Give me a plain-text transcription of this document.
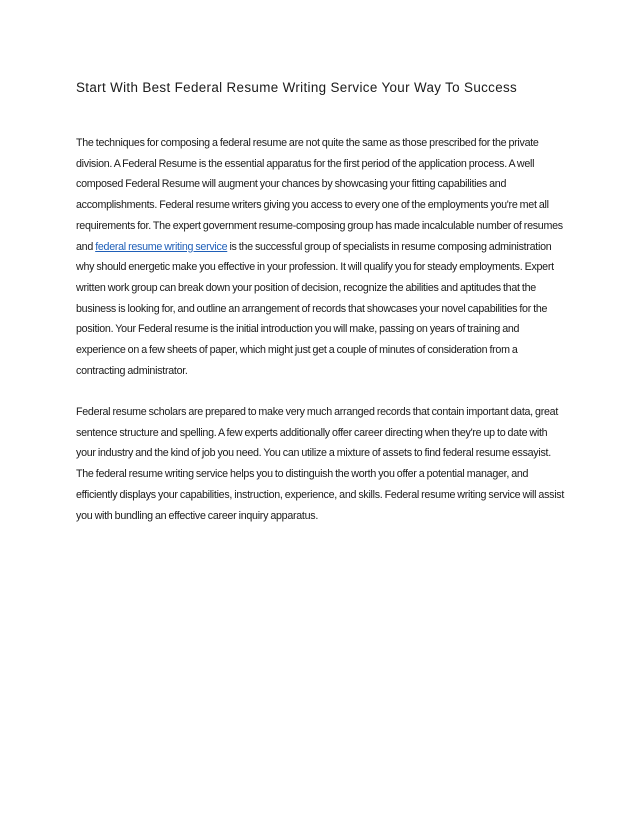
Start With Best Federal Resume Writing Service Your Way To Success

The techniques for composing a federal resume are not quite the same as those prescribed for the private division. A Federal Resume is the essential apparatus for the first period of the application process. A well composed Federal Resume will augment your chances by showcasing your fitting capabilities and accomplishments. Federal resume writers giving you access to every one of the employments you're met all requirements for. The expert government resume-composing group has made incalculable number of resumes and federal resume writing service is the successful group of specialists in resume composing administration why should energetic make you effective in your profession. It will qualify you for steady employments. Expert written work group can break down your position of decision, recognize the abilities and aptitudes that the business is looking for, and outline an arrangement of records that showcases your novel capabilities for the position. Your Federal resume is the initial introduction you will make, passing on years of training and experience on a few sheets of paper, which might just get a couple of minutes of consideration from a contracting administrator.

Federal resume scholars are prepared to make very much arranged records that contain important data, great sentence structure and spelling. A few experts additionally offer career directing when they're up to date with your industry and the kind of job you need. You can utilize a mixture of assets to find federal resume essayist. The federal resume writing service helps you to distinguish the worth you offer a potential manager, and efficiently displays your capabilities, instruction, experience, and skills. Federal resume writing service will assist you with bundling an effective career inquiry apparatus.
